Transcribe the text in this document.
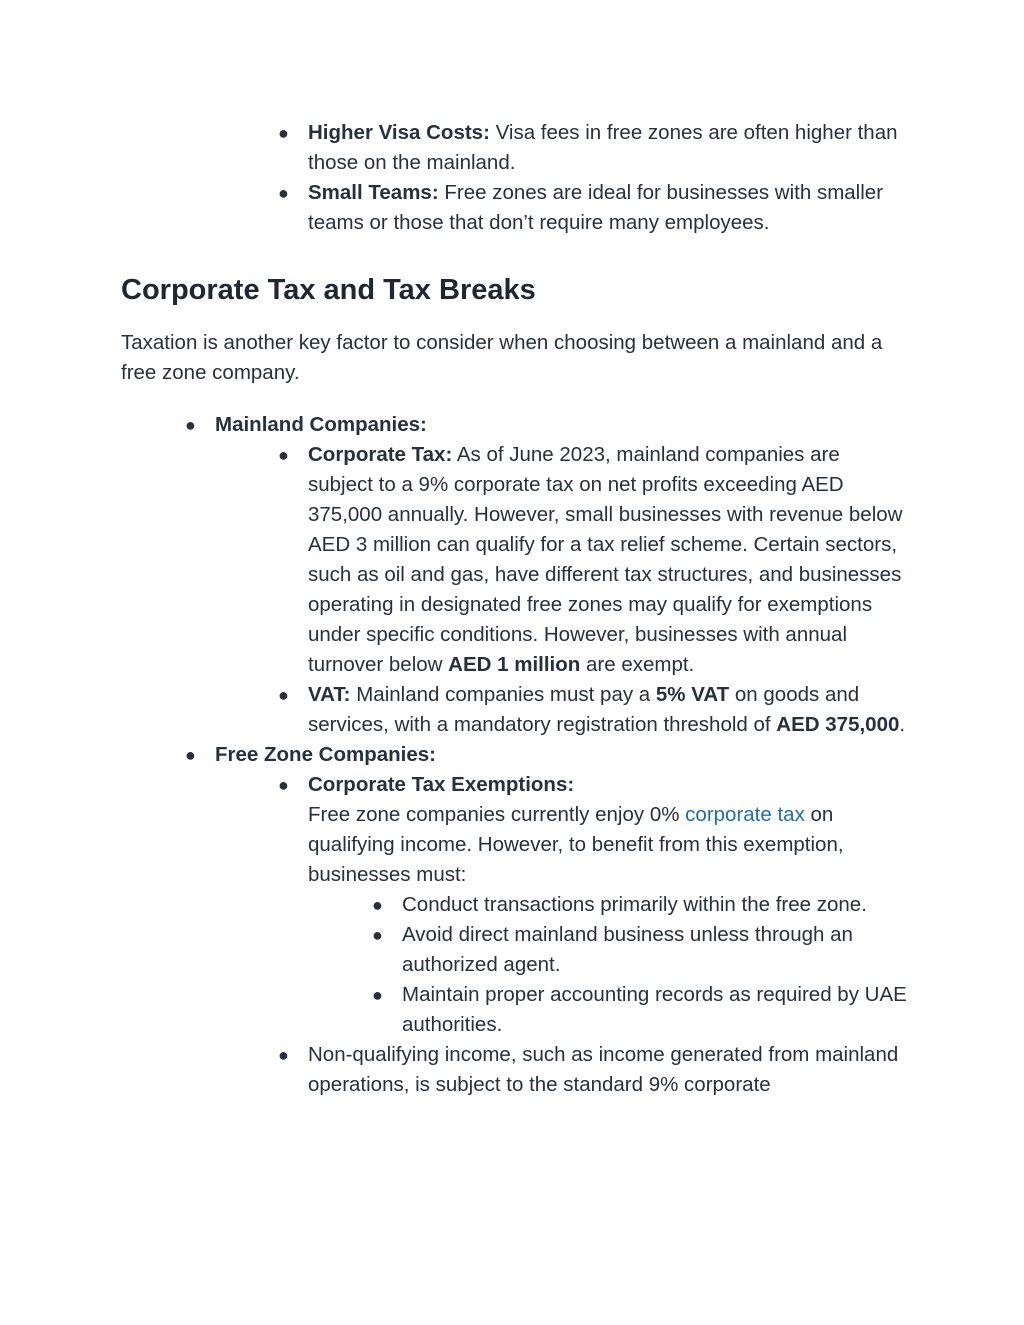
● Higher Visa Costs: Visa fees in free zones are often higher than those on the mainland.
● Small Teams: Free zones are ideal for businesses with smaller teams or those that don’t require many employees.
Corporate Tax and Tax Breaks

Taxation is another key factor to consider when choosing between a mainland and a free zone company.

● Mainland Companies:
● Corporate Tax: As of June 2023, mainland companies are subject to a 9% corporate tax on net profits exceeding AED 375,000 annually. However, small businesses with revenue below AED 3 million can qualify for a tax relief scheme. Certain sectors, such as oil and gas, have different tax structures, and businesses operating in designated free zones may qualify for exemptions under specific conditions. However, businesses with annual turnover below AED 1 million are exempt.
● VAT: Mainland companies must pay a 5% VAT on goods and services, with a mandatory registration threshold of AED 375,000.
● Free Zone Companies:
● Corporate Tax Exemptions:
Free zone companies currently enjoy 0% corporate tax on qualifying income. However, to benefit from this exemption, businesses must:
● Conduct transactions primarily within the free zone.
● Avoid direct mainland business unless through an authorized agent.
● Maintain proper accounting records as required by UAE authorities.
● Non-qualifying income, such as income generated from mainland operations, is subject to the standard 9% corporate
